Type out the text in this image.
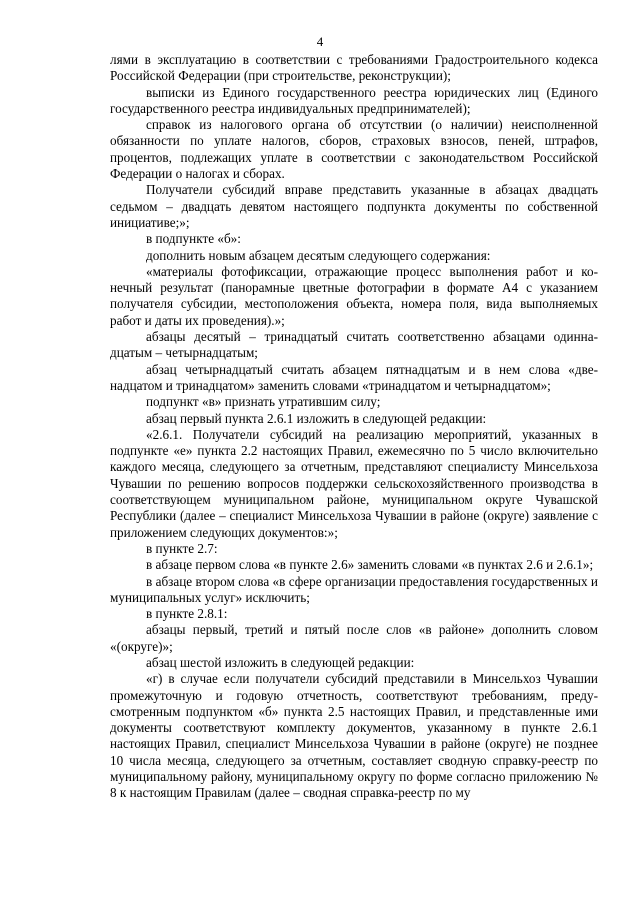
4

лями в эксплуатацию в соответствии с требованиями Градостроительного кодекса Российской Федерации (при строительстве, реконструкции);

выписки из Единого государственного реестра юридических лиц (Единого государственного реестра индивидуальных предпринимателей);

справок из налогового органа об отсутствии (о наличии) неисполненной обязанности по уплате налогов, сборов, страховых взносов, пеней, штрафов, процентов, подлежащих уплате в соответствии с законодательством Российской Федерации о налогах и сборах.

Получатели субсидий вправе представить указанные в абзацах двадцать седьмом – двадцать девятом настоящего подпункта документы по собственной инициативе;»;

в подпункте «б»:

дополнить новым абзацем десятым следующего содержания:

«материалы фотофиксации, отражающие процесс выполнения работ и конечный результат (панорамные цветные фотографии в формате А4 с указанием получателя субсидии, местоположения объекта, номера поля, вида выполняемых работ и даты их проведения).»;

абзацы десятый – тринадцатый считать соответственно абзацами одиннадцатым – четырнадцатым;

абзац четырнадцатый считать абзацем пятнадцатым и в нем слова «двенадцатом и тринадцатом» заменить словами «тринадцатом и четырнадцатом»;

подпункт «в» признать утратившим силу;

абзац первый пункта 2.6.1 изложить в следующей редакции:

«2.6.1. Получатели субсидий на реализацию мероприятий, указанных в подпункте «е» пункта 2.2 настоящих Правил, ежемесячно по 5 число включительно каждого месяца, следующего за отчетным, представляют специалисту Минсельхоза Чувашии по решению вопросов поддержки сельскохозяйственного производства в соответствующем муниципальном районе, муниципальном округе Чувашской Республики (далее – специалист Минсельхоза Чувашии в районе (округе) заявление с приложением следующих документов:»;

в пункте 2.7:

в абзаце первом слова «в пункте 2.6» заменить словами «в пунктах 2.6 и 2.6.1»;

в абзаце втором слова «в сфере организации предоставления государственных и муниципальных услуг» исключить;

в пункте 2.8.1:

абзацы первый, третий и пятый после слов «в районе» дополнить словом «(округе)»;

абзац шестой изложить в следующей редакции:

«г) в случае если получатели субсидий представили в Минсельхоз Чувашии промежуточную и годовую отчетность, соответствуют требованиям, предусмотренным подпунктом «б» пункта 2.5 настоящих Правил, и представленные ими документы соответствуют комплекту документов, указанному в пункте 2.6.1 настоящих Правил, специалист Минсельхоза Чувашии в районе (округе) не позднее 10 числа месяца, следующего за отчетным, составляет сводную справку-реестр по муниципальному району, муниципальному округу по форме согласно приложению № 8 к настоящим Правилам (далее – сводная справка-реестр по му
